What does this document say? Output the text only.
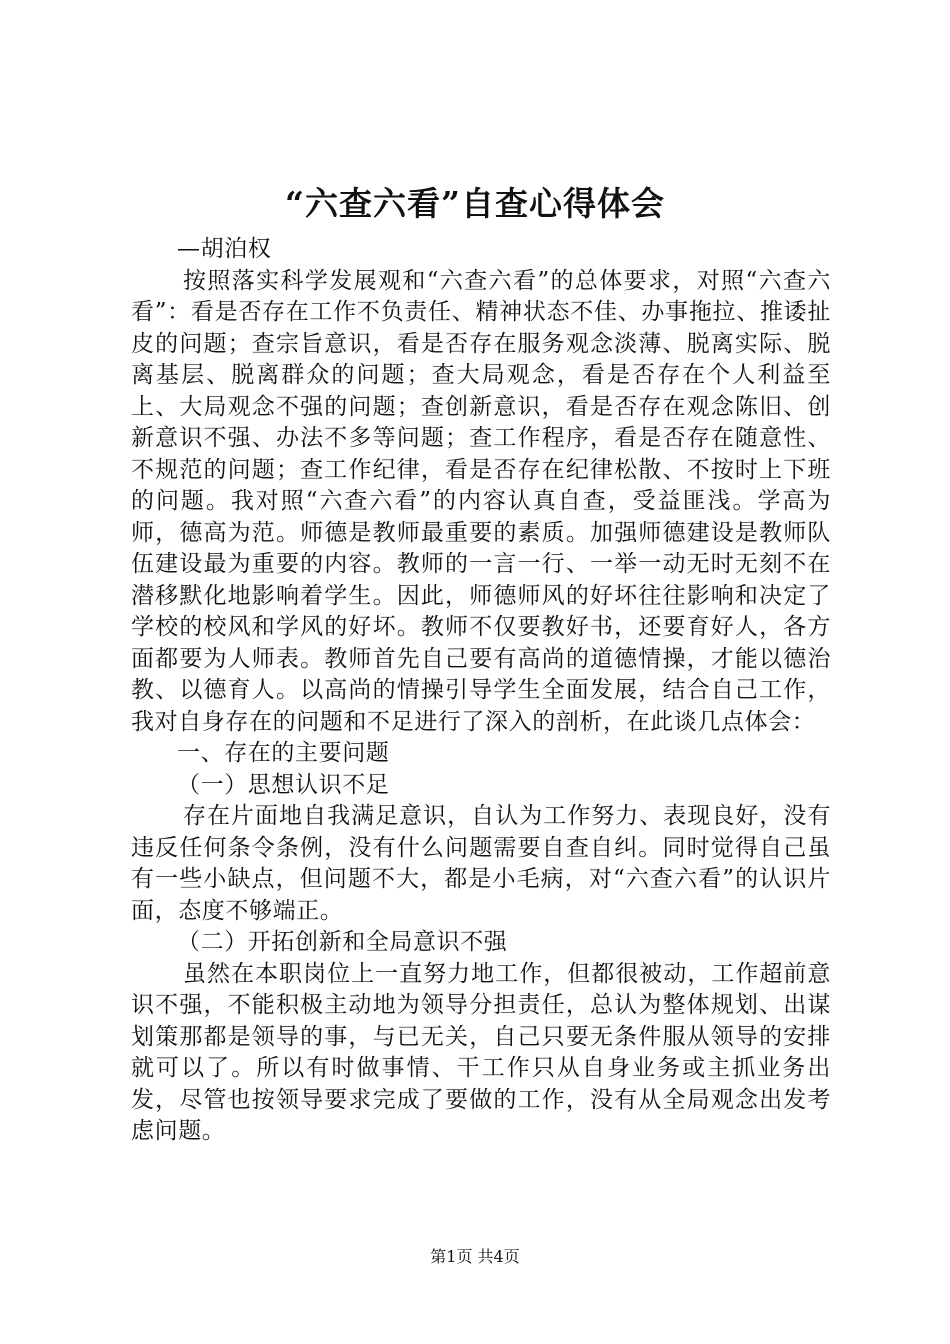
“六查六看”自查心得体会

—胡泊权

按照落实科学发展观和“六查六看”的总体要求，对照“六查六看”：看是否存在工作不负责任、精神状态不佳、办事拖拉、推诿扯皮的问题；查宗旨意识，看是否存在服务观念淡薄、脱离实际、脱离基层、脱离群众的问题；查大局观念，看是否存在个人利益至上、大局观念不强的问题；查创新意识，看是否存在观念陈旧、创新意识不强、办法不多等问题；查工作程序，看是否存在随意性、不规范的问题；查工作纪律，看是否存在纪律松散、不按时上下班的问题。我对照“六查六看”的内容认真自查，受益匪浅。学高为师，德高为范。师德是教师最重要的素质。加强师德建设是教师队伍建设最为重要的内容。教师的一言一行、一举一动无时无刻不在潜移默化地影响着学生。因此，师德师风的好坏往往影响和决定了学校的校风和学风的好坏。教师不仅要教好书，还要育好人，各方面都要为人师表。教师首先自己要有高尚的道德情操，才能以德治教、以德育人。以高尚的情操引导学生全面发展，结合自己工作，我对自身存在的问题和不足进行了深入的剖析，在此谈几点体会：

一、存在的主要问题

（一）思想认识不足

存在片面地自我满足意识，自认为工作努力、表现良好，没有违反任何条令条例，没有什么问题需要自查自纠。同时觉得自己虽有一些小缺点，但问题不大，都是小毛病，对“六查六看”的认识片面，态度不够端正。

（二）开拓创新和全局意识不强

虽然在本职岗位上一直努力地工作，但都很被动，工作超前意识不强，不能积极主动地为领导分担责任，总认为整体规划、出谋划策那都是领导的事，与已无关，自己只要无条件服从领导的安排就可以了。所以有时做事情、干工作只从自身业务或主抓业务出发，尽管也按领导要求完成了要做的工作，没有从全局观念出发考虑问题。

第1页 共4页
